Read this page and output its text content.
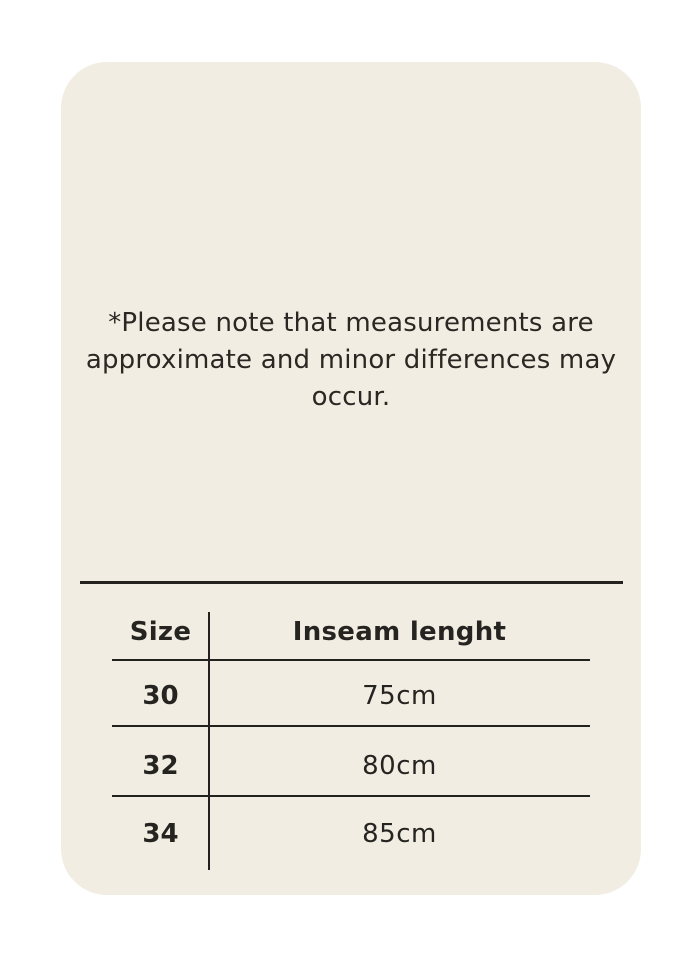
*Please note that measurements are
approximate and minor differences may
occur.
Size	Inseam lenght
30	75cm
32	80cm
34	85cm
